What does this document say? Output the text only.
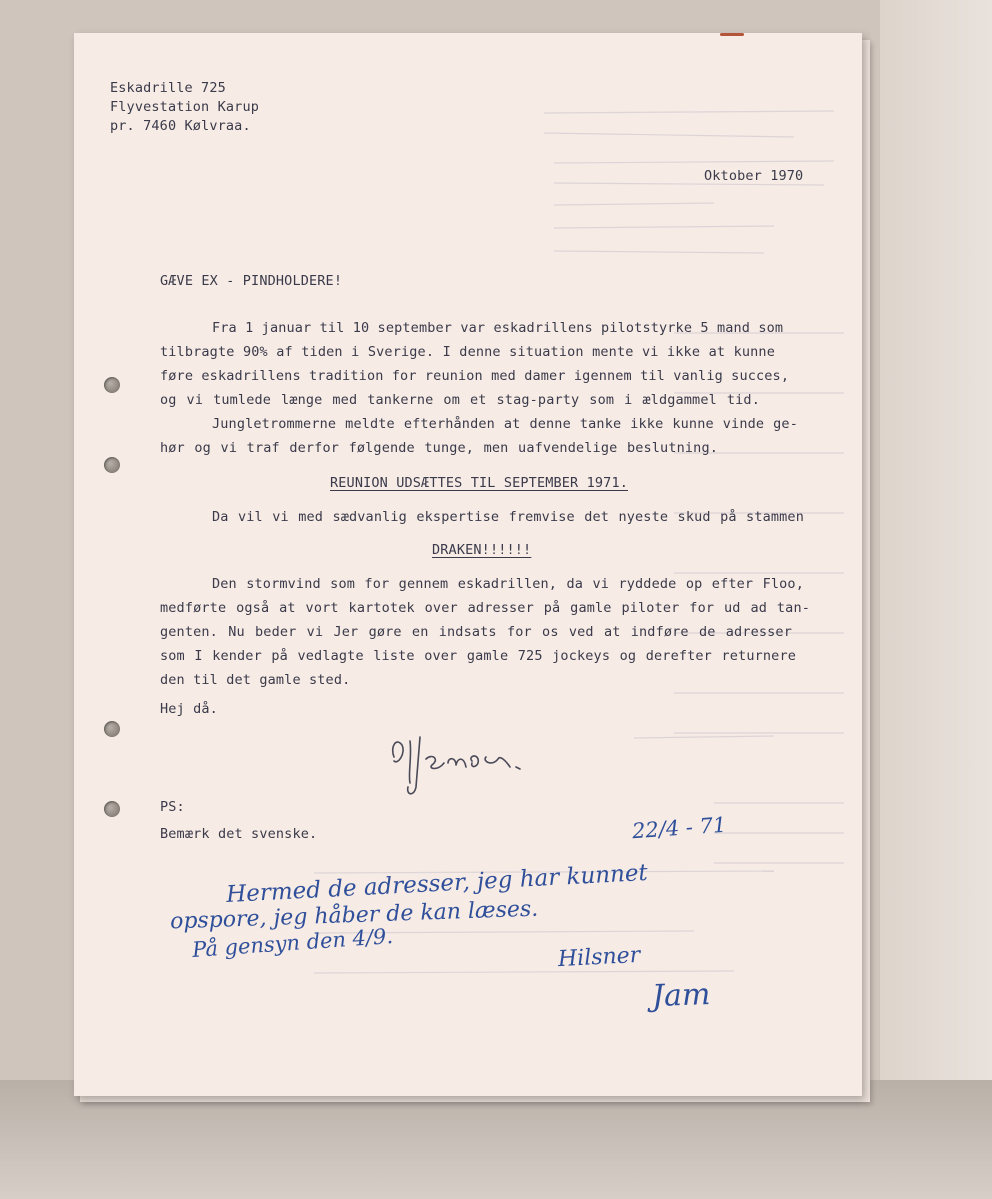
Eskadrille 725
Flyvestation Karup
pr. 7460 Kølvraa.
Oktober 1970
GÆVE EX - PINDHOLDERE!
Fra 1 januar til 10 september var eskadrillens pilotstyrke 5 mand som
tilbragte 90% af tiden i Sverige. I denne situation mente vi ikke at kunne
føre eskadrillens tradition for reunion med damer igennem til vanlig succes,
og vi tumlede længe med tankerne om et stag-party som i ældgammel tid.
Jungletrommerne meldte efterhånden at denne tanke ikke kunne vinde ge-
hør og vi traf derfor følgende tunge, men uafvendelige beslutning.
REUNION UDSÆTTES TIL SEPTEMBER 1971.
Da vil vi med sædvanlig ekspertise fremvise det nyeste skud på stammen
DRAKEN!!!!!!
Den stormvind som for gennem eskadrillen, da vi ryddede op efter Floo,
medførte også at vort kartotek over adresser på gamle piloter for ud ad tan-
genten. Nu beder vi Jer gøre en indsats for os ved at indføre de adresser
som I kender på vedlagte liste over gamle 725 jockeys og derefter returnere
den til det gamle sted.
Hej då.
PS:
Bemærk det svenske.	22/4 - 71
Hermed de adresser, jeg har kunnet
opspore, jeg håber de kan læses.
På gensyn den 4/9.	Hilsner
Jam
